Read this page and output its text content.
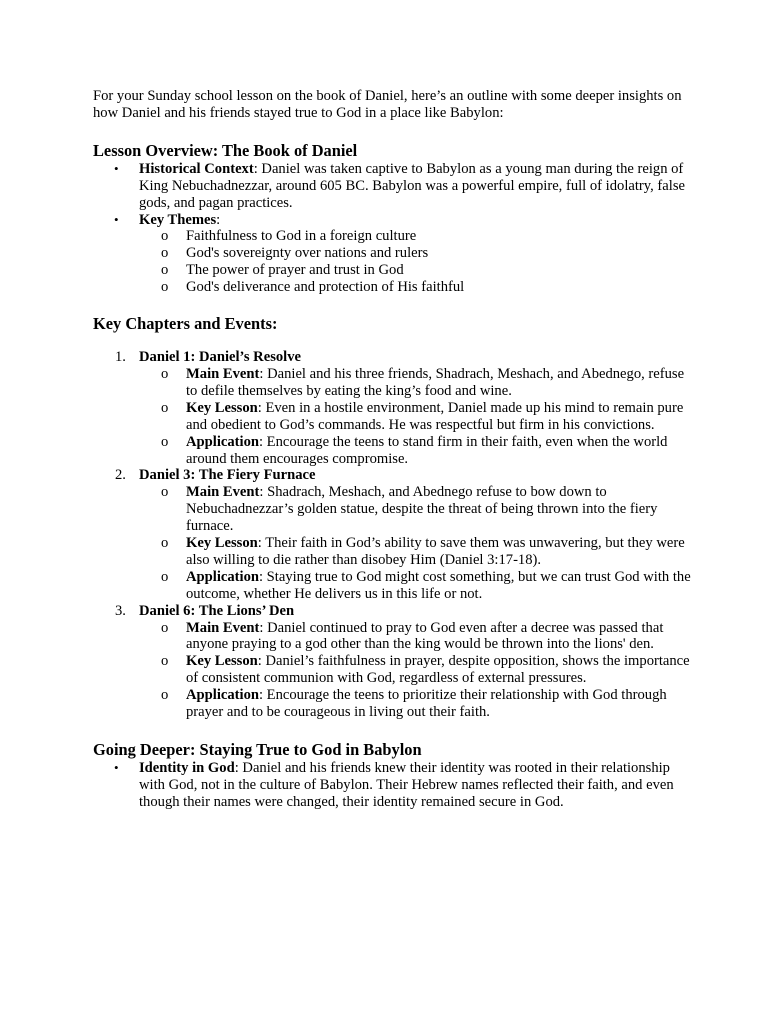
For your Sunday school lesson on the book of Daniel, here’s an outline with some deeper insights on how Daniel and his friends stayed true to God in a place like Babylon:

Lesson Overview: The Book of Daniel
• Historical Context: Daniel was taken captive to Babylon as a young man during the reign of King Nebuchadnezzar, around 605 BC. Babylon was a powerful empire, full of idolatry, false gods, and pagan practices.
• Key Themes:
o Faithfulness to God in a foreign culture
o God's sovereignty over nations and rulers
o The power of prayer and trust in God
o God's deliverance and protection of His faithful
Key Chapters and Events:
1. Daniel 1: Daniel’s Resolve
o Main Event: Daniel and his three friends, Shadrach, Meshach, and Abednego, refuse to defile themselves by eating the king’s food and wine.
o Key Lesson: Even in a hostile environment, Daniel made up his mind to remain pure and obedient to God’s commands. He was respectful but firm in his convictions.
o Application: Encourage the teens to stand firm in their faith, even when the world around them encourages compromise.
2. Daniel 3: The Fiery Furnace
o Main Event: Shadrach, Meshach, and Abednego refuse to bow down to Nebuchadnezzar’s golden statue, despite the threat of being thrown into the fiery furnace.
o Key Lesson: Their faith in God’s ability to save them was unwavering, but they were also willing to die rather than disobey Him (Daniel 3:17-18).
o Application: Staying true to God might cost something, but we can trust God with the outcome, whether He delivers us in this life or not.
3. Daniel 6: The Lions’ Den
o Main Event: Daniel continued to pray to God even after a decree was passed that anyone praying to a god other than the king would be thrown into the lions' den.
o Key Lesson: Daniel’s faithfulness in prayer, despite opposition, shows the importance of consistent communion with God, regardless of external pressures.
o Application: Encourage the teens to prioritize their relationship with God through prayer and to be courageous in living out their faith.
Going Deeper: Staying True to God in Babylon
• Identity in God: Daniel and his friends knew their identity was rooted in their relationship with God, not in the culture of Babylon. Their Hebrew names reflected their faith, and even though their names were changed, their identity remained secure in God.
